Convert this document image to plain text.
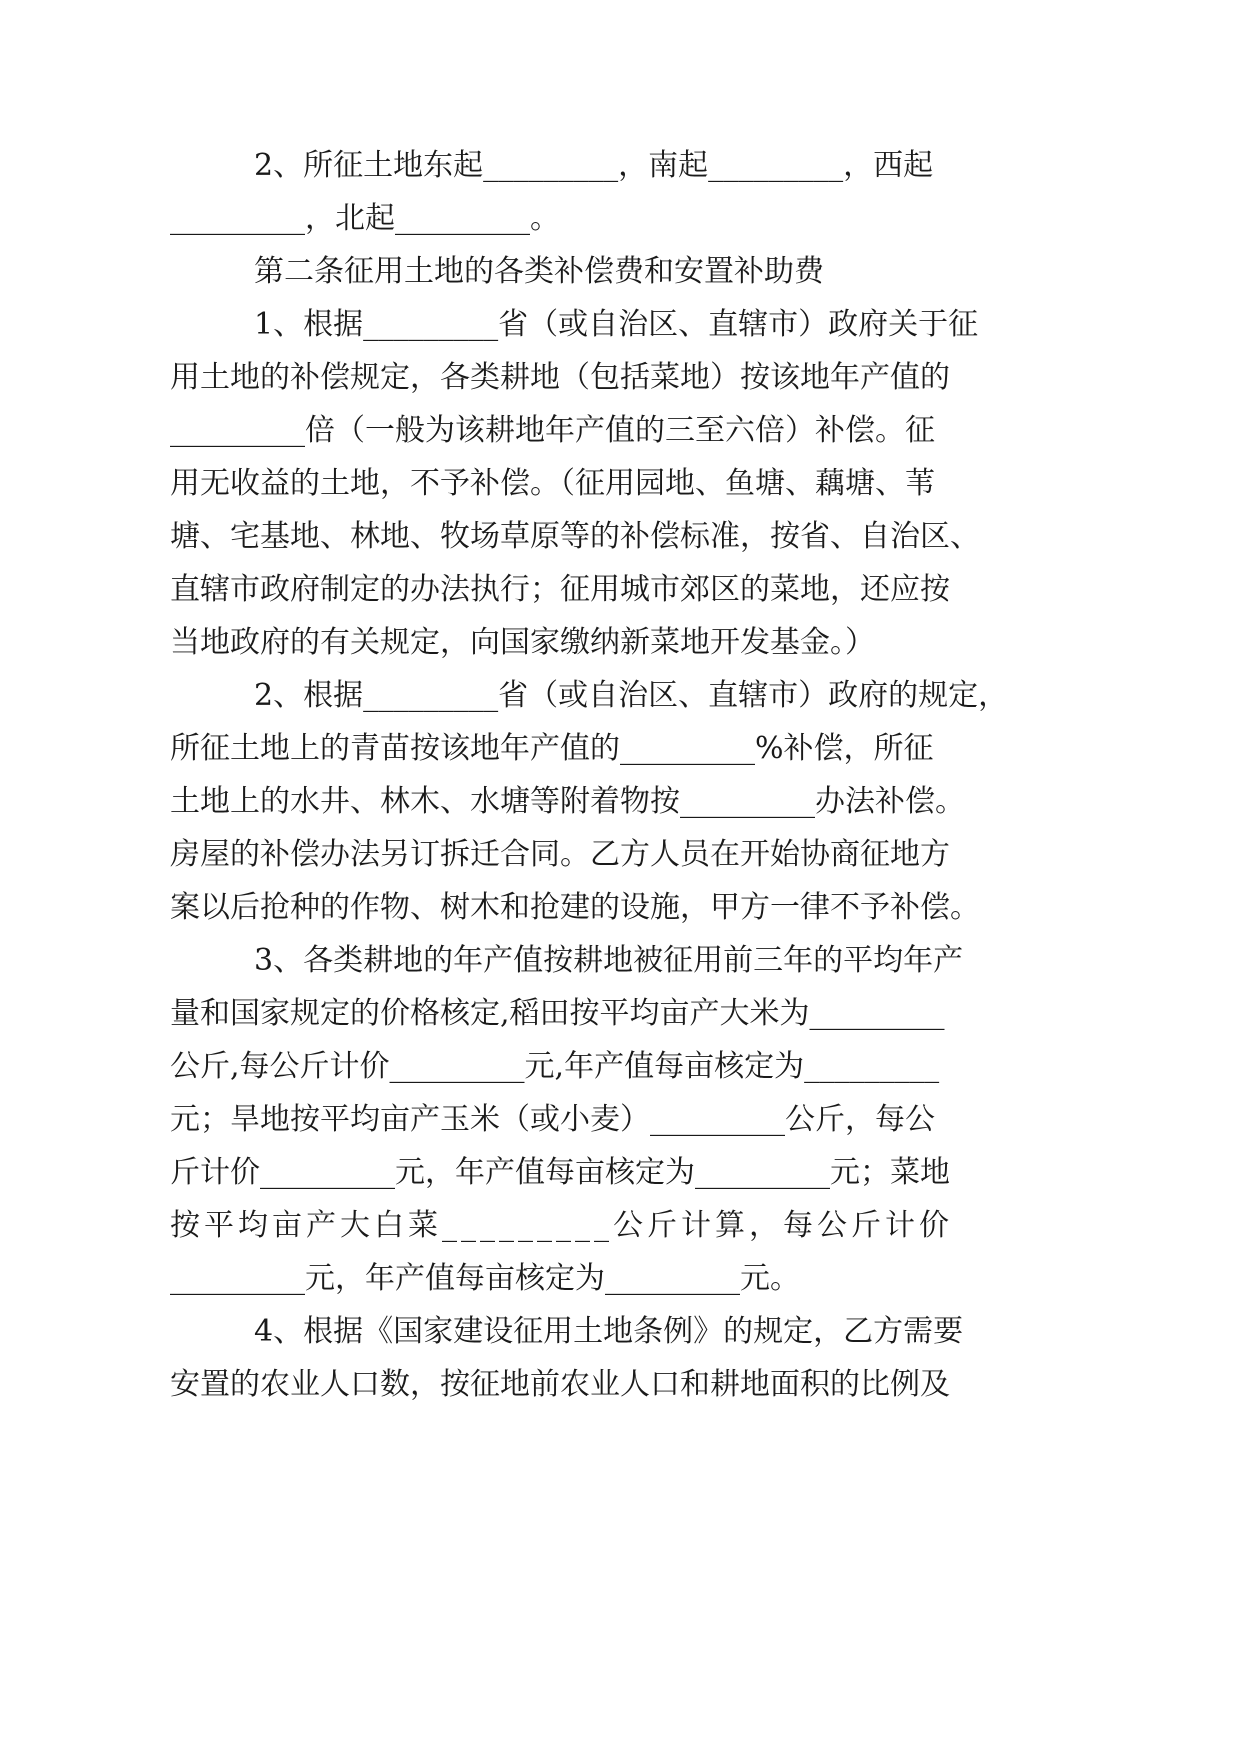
2、所征土地东起_________，南起_________，西起
_________，北起_________。
第二条征用土地的各类补偿费和安置补助费
1、根据_________省（或自治区、直辖市）政府关于征
用土地的补偿规定，各类耕地（包括菜地）按该地年产值的
_________倍（一般为该耕地年产值的三至六倍）补偿。征
用无收益的土地，不予补偿。（征用园地、鱼塘、藕塘、苇
塘、宅基地、林地、牧场草原等的补偿标准，按省、自治区、
直辖市政府制定的办法执行；征用城市郊区的菜地，还应按
当地政府的有关规定，向国家缴纳新菜地开发基金。）
2、根据_________省（或自治区、直辖市）政府的规定，
所征土地上的青苗按该地年产值的_________%补偿，所征
土地上的水井、林木、水塘等附着物按_________办法补偿。
房屋的补偿办法另订拆迁合同。乙方人员在开始协商征地方
案以后抢种的作物、树木和抢建的设施，甲方一律不予补偿。
3、各类耕地的年产值按耕地被征用前三年的平均年产
量和国家规定的价格核定,稻田按平均亩产大米为_________
公斤,每公斤计价_________元,年产值每亩核定为_________
元；旱地按平均亩产玉米（或小麦）_________公斤，每公
斤计价_________元，年产值每亩核定为_________元；菜地
按平均亩产大白菜_________公斤计算，每公斤计价
_________元，年产值每亩核定为_________元。
4、根据《国家建设征用土地条例》的规定，乙方需要
安置的农业人口数，按征地前农业人口和耕地面积的比例及
